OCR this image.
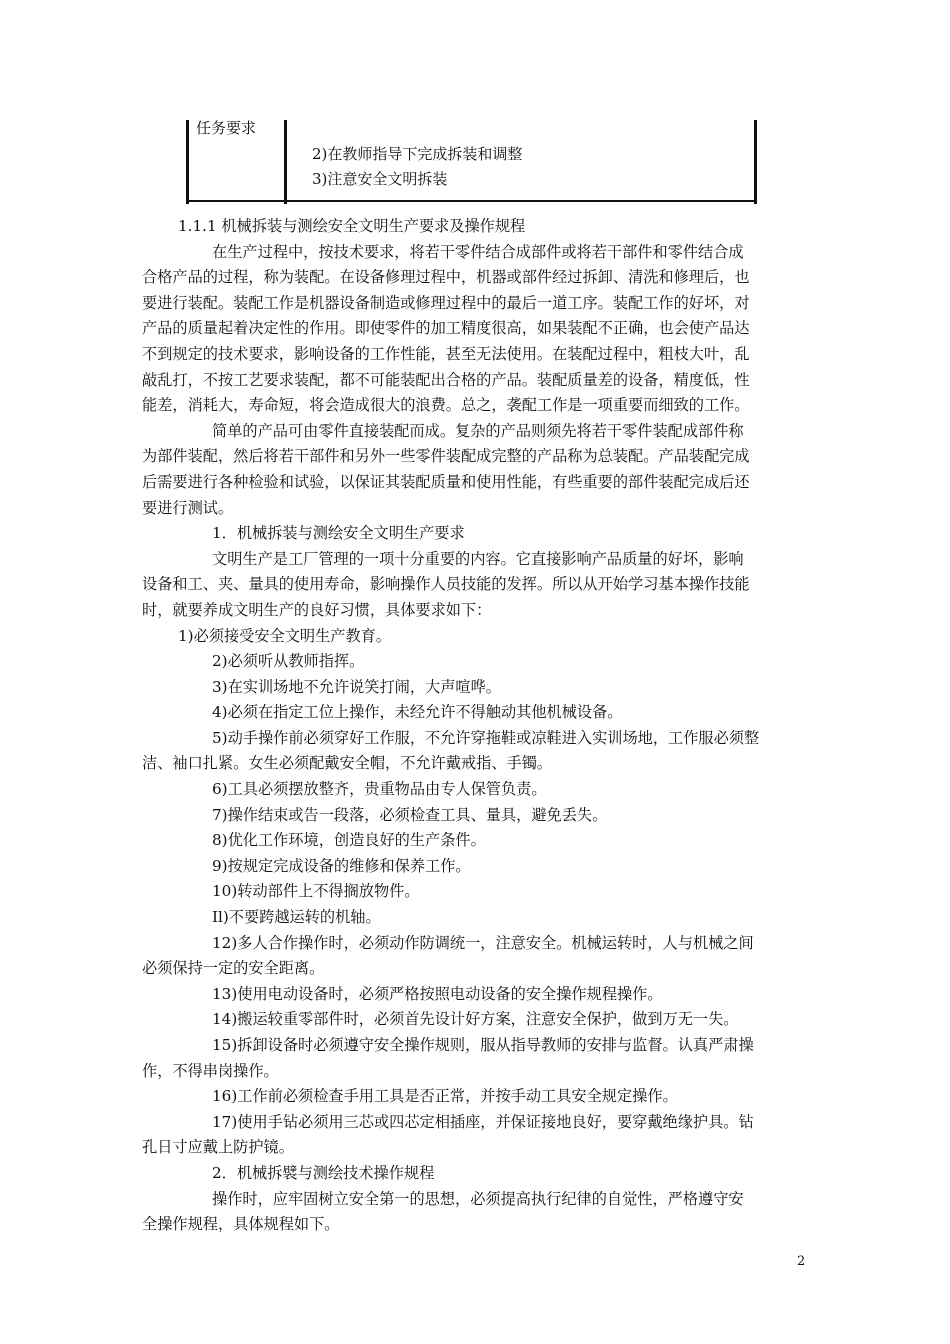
任务要求
2)在教师指导下完成拆装和调整
3)注意安全文明拆装

1.1.1 机械拆装与测绘安全文明生产要求及操作规程

在生产过程中，按技术要求，将若干零件结合成部件或将若干部件和零件结合成
合格产品的过程，称为装配。在设备修理过程中，机器或部件经过拆卸、清洗和修理后，也
要进行装配。装配工作是机器设备制造或修理过程中的最后一道工序。装配工作的好坏，对
产品的质量起着决定性的作用。即使零件的加工精度很高，如果装配不正确，也会使产品达
不到规定的技术要求，影响设备的工作性能，甚至无法使用。在装配过程中，粗枝大叶，乱
敲乱打，不按工艺要求装配，都不可能装配出合格的产品。装配质量差的设备，精度低，性
能差，消耗大，寿命短，将会造成很大的浪费。总之，袭配工作是一项重要而细致的工作。

简单的产品可由零件直接装配而成。复杂的产品则须先将若干零件装配成部件称
为部件装配，然后将若干部件和另外一些零件装配成完整的产品称为总装配。产品装配完成
后需要进行各种检验和试验，以保证其装配质量和使用性能，有些重要的部件装配完成后还
要进行测试。

1．机械拆装与测绘安全文明生产要求

文明生产是工厂管理的一项十分重要的内容。它直接影响产品质量的好坏，影响
设备和工、夹、量具的使用寿命，影响操作人员技能的发挥。所以从开始学习基本操作技能
时，就要养成文明生产的良好习惯，具体要求如下：

1)必须接受安全文明生产教育。

2)必须听从教师指挥。

3)在实训场地不允许说笑打闹，大声喧哗。

4)必须在指定工位上操作，未经允许不得触动其他机械设备。

5)动手操作前必须穿好工作服，不允许穿拖鞋或凉鞋进入实训场地，工作服必须整
洁、袖口扎紧。女生必须配戴安全帽，不允许戴戒指、手镯。

6)工具必须摆放整齐，贵重物品由专人保管负责。

7)操作结束或告一段落，必须检查工具、量具，避免丢失。

8)优化工作环境，创造良好的生产条件。

9)按规定完成设备的维修和保养工作。

10)转动部件上不得搁放物件。

Il)不要跨越运转的机轴。

12)多人合作操作时，必须动作防调统一，注意安全。机械运转时，人与机械之间
必须保持一定的安全距离。

13)使用电动设备时，必须严格按照电动设备的安全操作规程操作。

14)搬运较重零部件时，必须首先设计好方案，注意安全保护，做到万无一失。

15)拆卸设备时必须遵守安全操作规则，服从指导教师的安排与监督。认真严肃操
作，不得串岗操作。

16)工作前必须检查手用工具是否正常，并按手动工具安全规定操作。

17)使用手钻必须用三芯或四芯定相插座，并保证接地良好，要穿戴绝缘护具。钻
孔日寸应戴上防护镜。

2．机械拆襞与测绘技术操作规程

操作时，应牢固树立安全第一的思想，必须提高执行纪律的自觉性，严格遵守安
全操作规程，具体规程如下。

2
